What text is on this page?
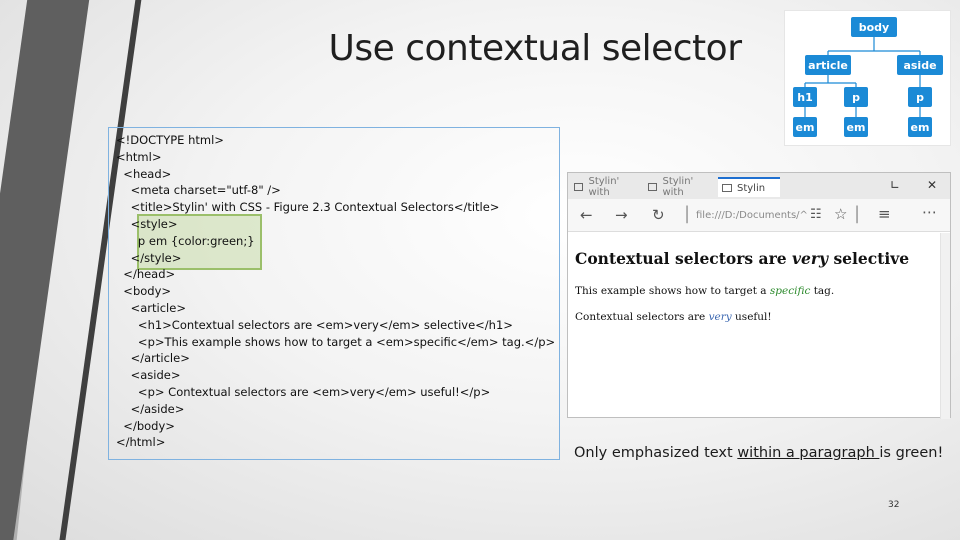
Use contextual selector
<!DOCTYPE html>
<html>
<head>
<meta charset="utf-8" />
<title>Stylin' with CSS - Figure 2.3 Contextual Selectors</title>
<style>
p em {color:green;}
</style>
</head>
<body>
<article>
<h1>Contextual selectors are <em>very</em> selective</h1>
<p>This example shows how to target a <em>specific</em> tag.</p>
</article>
<aside>
<p> Contextual selectors are <em>very</em> useful!</p>
</aside>
</body>
</html>
body
article	aside
h1	p	p
em	em	em
Stylin' with
Stylin' with	Stylin	∟ ✕
← → ↻ | file:///D:/Documents/^ ☷ ☆ | ≡ ⋯
Contextual selectors are very selective
This example shows how to target a specific tag.
Contextual selectors are very useful!
Only emphasized text within a paragraph is green!
32
